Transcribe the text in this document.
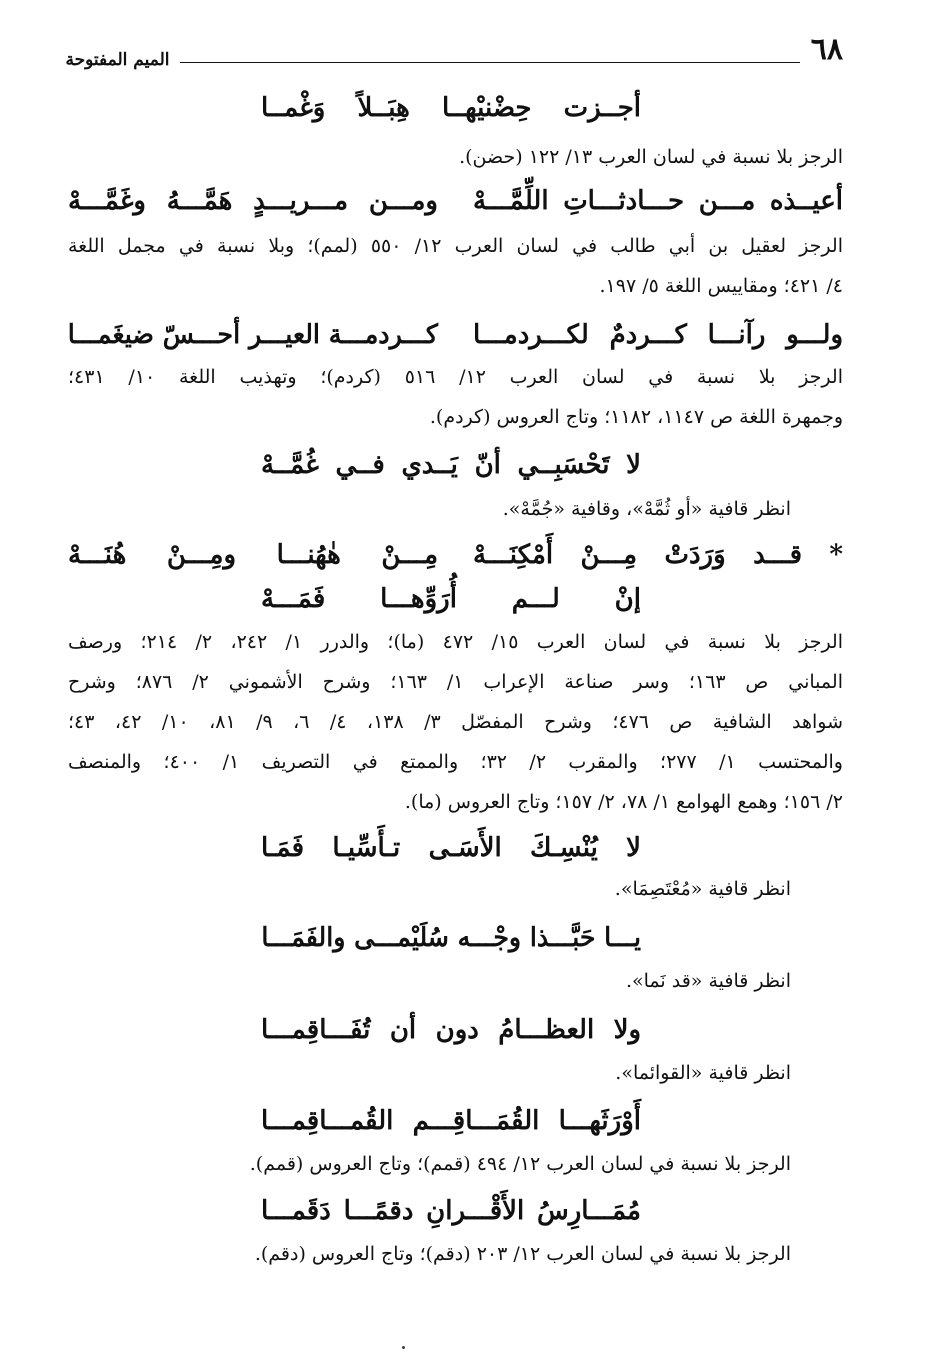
٦٨
الميم المفتوحة
أجــزت حِضْنيْهــا هِبَــلاً وَغْمــا
الرجز بلا نسبة في لسان العرب ١٣/ ١٢٢ (حضن).
أعيــذه مـــن حـــادثـــاتِ اللِّمَّـــهْ
ومـــن مـــريـــدٍ هَمَّـــهُ وغَمَّـــهْ
الرجز لعقيل بن أبي طالب في لسان العرب ١٢/ ٥٥٠ (لمم)؛ وبلا نسبة في مجمل اللغة
٤/ ٤٢١؛ ومقاييس اللغة ٥/ ١٩٧.
ولـــو رآنـــا كـــردمٌ لكـــردمـــا
كـــردمـــة العيـــر أحـــسّ ضيغَمـــا
الرجز بلا نسبة في لسان العرب ١٢/ ٥١٦ (كردم)؛ وتهذيب اللغة ١٠/ ٤٣١؛
وجمهرة اللغة ص ١١٤٧، ١١٨٢؛ وتاج العروس (كردم).
لا تَحْسَبِــي أنّ يَــدي فــي غُمَّــهْ
انظر قافية «أو ثُمَّهْ»، وقافية «جُمَّهْ».
* قـــد وَرَدَتْ مِـــنْ أَمْكِنَـــهْ
مِـــنْ هٰهُنـــا ومِـــنْ هُنَـــهْ
إنْ لـــم أُرَوِّهـــا فَمَـــهْ
الرجز بلا نسبة في لسان العرب ١٥/ ٤٧٢ (ما)؛ والدرر ١/ ٢٤٢، ٢/ ٢١٤؛ ورصف
المباني ص ١٦٣؛ وسر صناعة الإعراب ١/ ١٦٣؛ وشرح الأشموني ٢/ ٨٧٦؛ وشرح
شواهد الشافية ص ٤٧٦؛ وشرح المفصّل ٣/ ١٣٨، ٤/ ٦، ٩/ ٨١، ١٠/ ٤٢، ٤٣؛
والمحتسب ١/ ٢٧٧؛ والمقرب ٢/ ٣٢؛ والممتع في التصريف ١/ ٤٠٠؛ والمنصف
٢/ ١٥٦؛ وهمع الهوامع ١/ ٧٨، ٢/ ١٥٧؛ وتاج العروس (ما).
لا يُنْسِـكَ الأَسَـى تـأَسِّيـا فَمَـا
انظر قافية «مُعْتَصِمَا».
يـــا حَبَّـــذا وجْـــه سُلَيْمـــى والفَمَـــا
انظر قافية «قد نَما».
ولا العظـــامُ دون أن تُفَـــاقِمـــا
انظر قافية «القوائما».
أَوْرَثَهـــا القُمَـــاقِـــم القُمـــاقِمـــا
الرجز بلا نسبة في لسان العرب ١٢/ ٤٩٤ (قمم)؛ وتاج العروس (قمم).
مُمَـــارِسُ الأَقْـــرانِ دقمًـــا دَقَمـــا
الرجز بلا نسبة في لسان العرب ١٢/ ٢٠٣ (دقم)؛ وتاج العروس (دقم).
